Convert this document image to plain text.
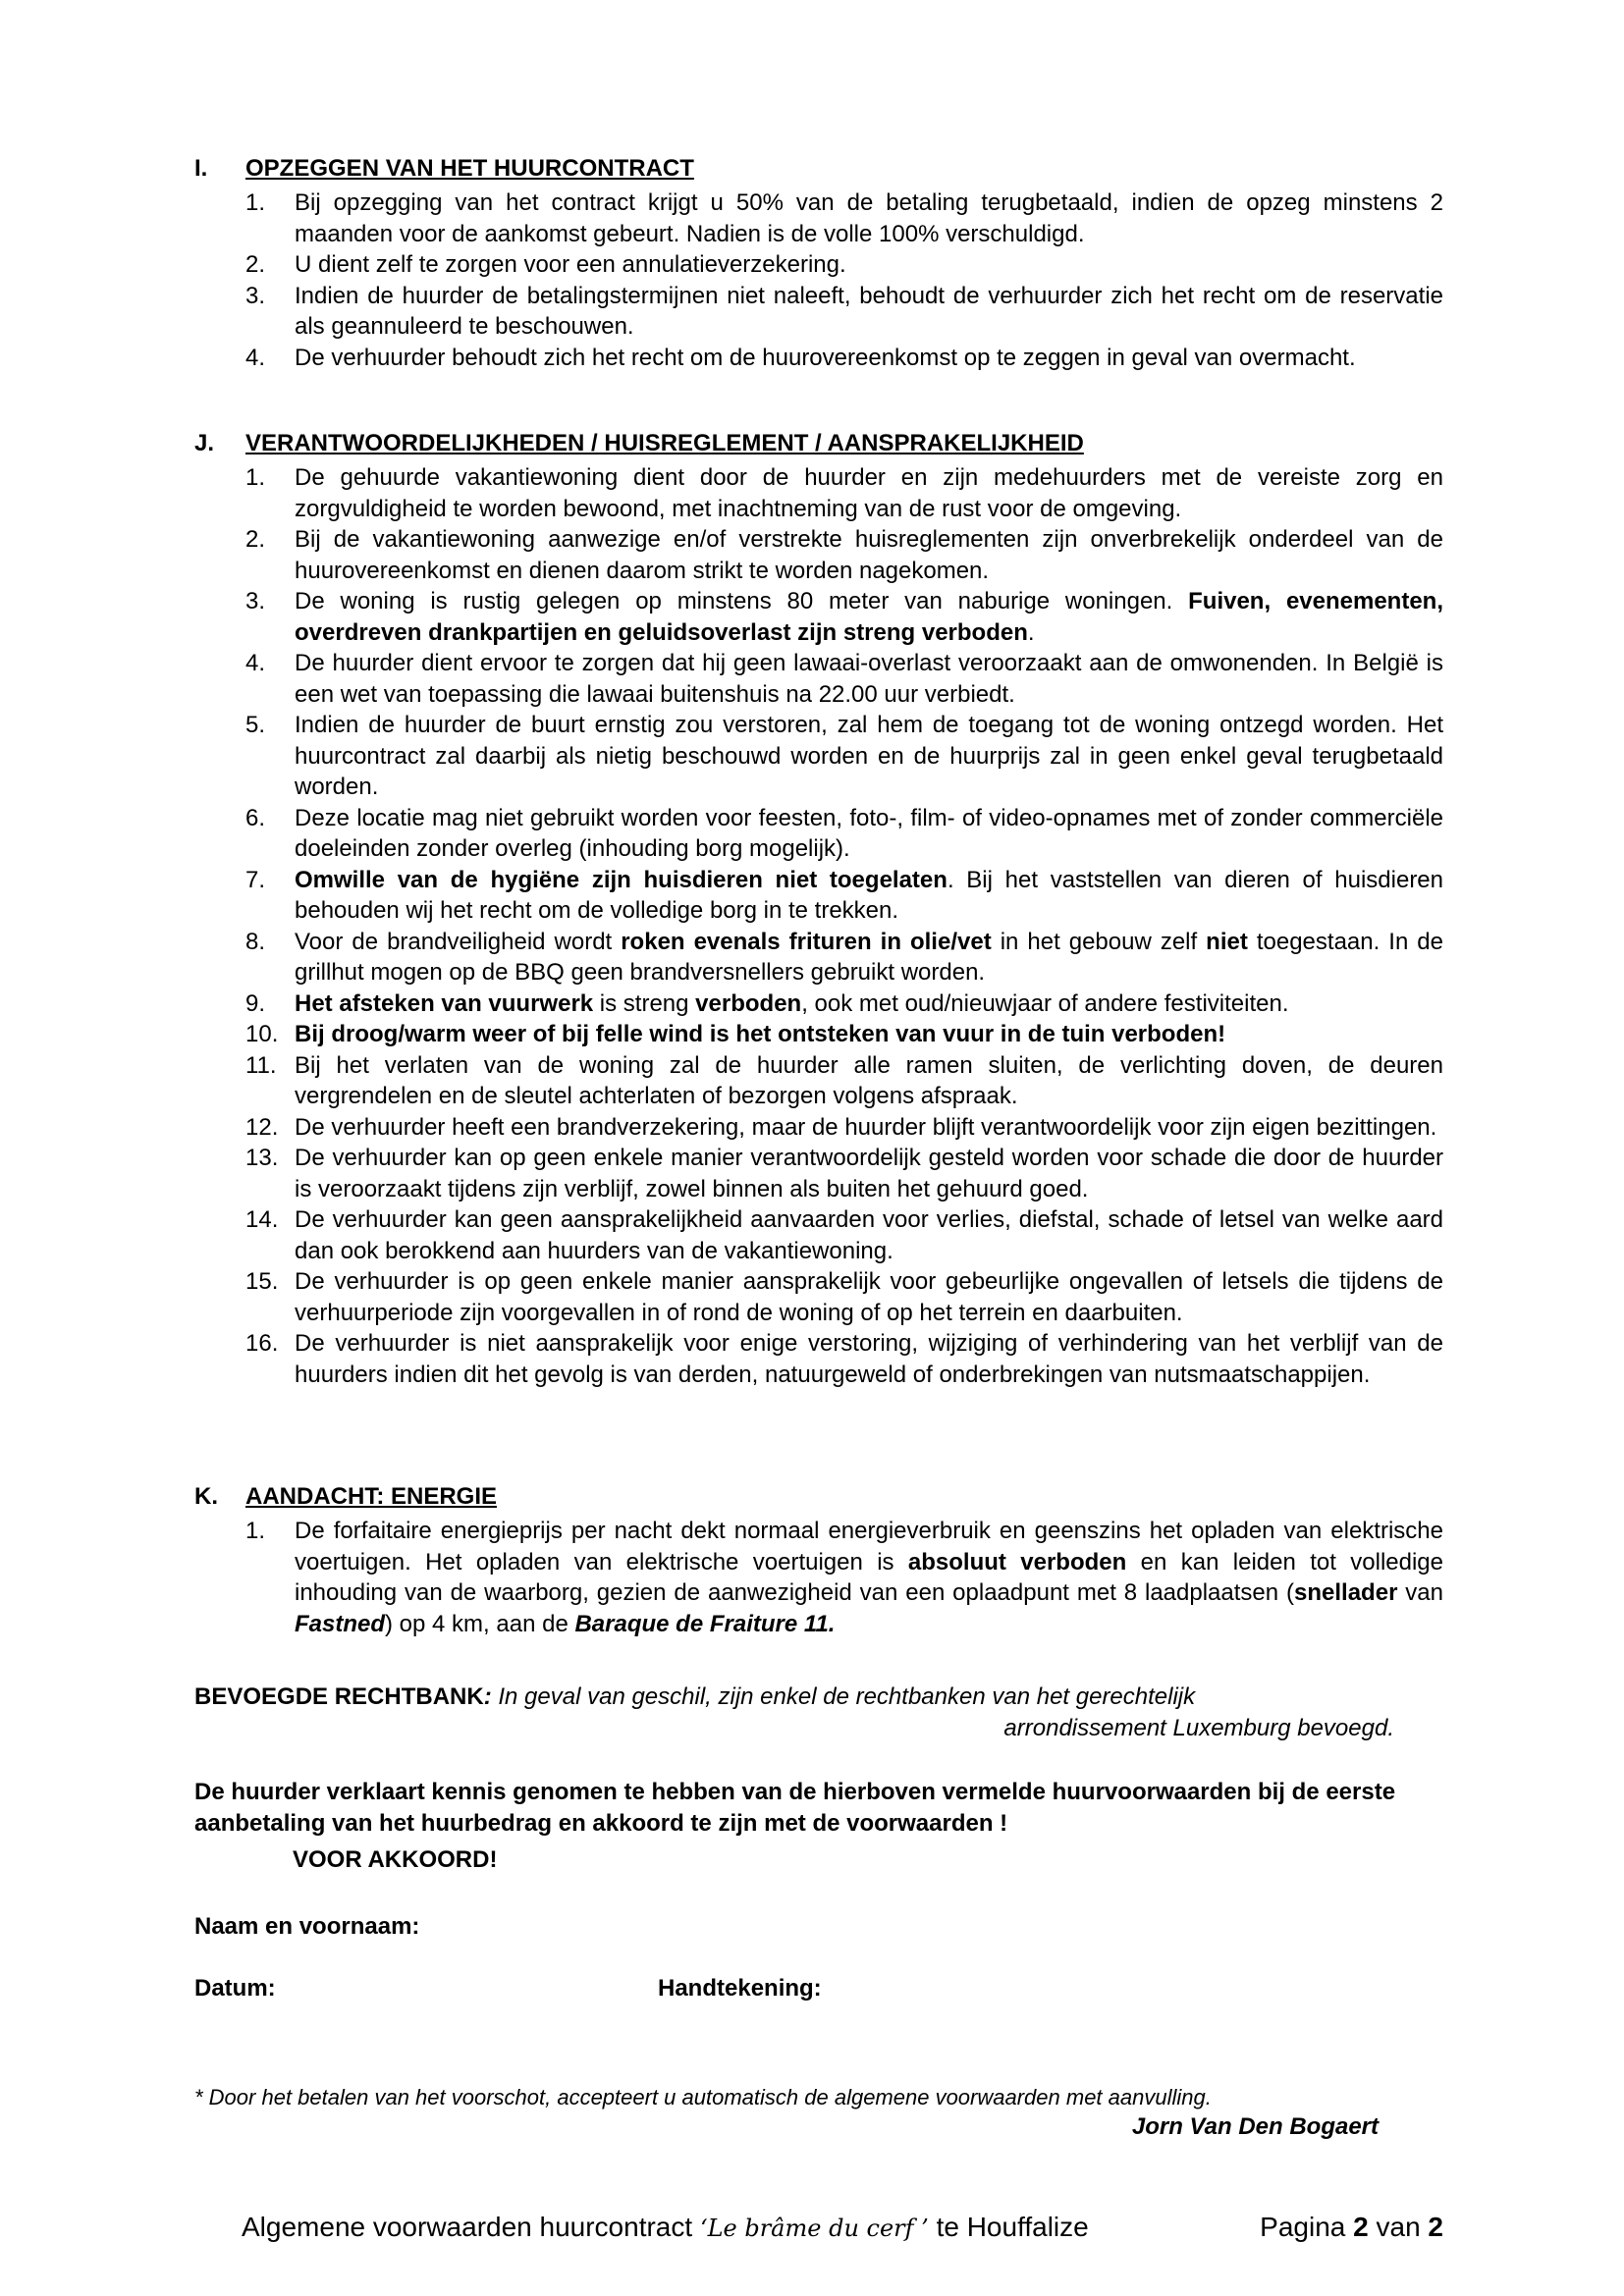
I. OPZEGGEN VAN HET HUURCONTRACT
1. Bij opzegging van het contract krijgt u 50% van de betaling terugbetaald, indien de opzeg minstens 2 maanden voor de aankomst gebeurt. Nadien is de volle 100% verschuldigd.
2. U dient zelf te zorgen voor een annulatieverzekering.
3. Indien de huurder de betalingstermijnen niet naleeft, behoudt de verhuurder zich het recht om de reservatie als geannuleerd te beschouwen.
4. De verhuurder behoudt zich het recht om de huurovereenkomst op te zeggen in geval van overmacht.
J. VERANTWOORDELIJKHEDEN / HUISREGLEMENT / AANSPRAKELIJKHEID
1. De gehuurde vakantiewoning dient door de huurder en zijn medehuurders met de vereiste zorg en zorgvuldigheid te worden bewoond, met inachtneming van de rust voor de omgeving.
2. Bij de vakantiewoning aanwezige en/of verstrekte huisreglementen zijn onverbrekelijk onderdeel van de huurovereenkomst en dienen daarom strikt te worden nagekomen.
3. De woning is rustig gelegen op minstens 80 meter van naburige woningen. Fuiven, evenementen, overdreven drankpartijen en geluidsoverlast zijn streng verboden.
4. De huurder dient ervoor te zorgen dat hij geen lawaai-overlast veroorzaakt aan de omwonenden. In België is een wet van toepassing die lawaai buitenshuis na 22.00 uur verbiedt.
5. Indien de huurder de buurt ernstig zou verstoren, zal hem de toegang tot de woning ontzegd worden. Het huurcontract zal daarbij als nietig beschouwd worden en de huurprijs zal in geen enkel geval terugbetaald worden.
6. Deze locatie mag niet gebruikt worden voor feesten, foto-, film- of video-opnames met of zonder commerciële doeleinden zonder overleg (inhouding borg mogelijk).
7. Omwille van de hygiëne zijn huisdieren niet toegelaten. Bij het vaststellen van dieren of huisdieren behouden wij het recht om de volledige borg in te trekken.
8. Voor de brandveiligheid wordt roken evenals frituren in olie/vet in het gebouw zelf niet toegestaan. In de grillhut mogen op de BBQ geen brandversnellers gebruikt worden.
9. Het afsteken van vuurwerk is streng verboden, ook met oud/nieuwjaar of andere festiviteiten.
10. Bij droog/warm weer of bij felle wind is het ontsteken van vuur in de tuin verboden!
11. Bij het verlaten van de woning zal de huurder alle ramen sluiten, de verlichting doven, de deuren vergrendelen en de sleutel achterlaten of bezorgen volgens afspraak.
12. De verhuurder heeft een brandverzekering, maar de huurder blijft verantwoordelijk voor zijn eigen bezittingen.
13. De verhuurder kan op geen enkele manier verantwoordelijk gesteld worden voor schade die door de huurder is veroorzaakt tijdens zijn verblijf, zowel binnen als buiten het gehuurd goed.
14. De verhuurder kan geen aansprakelijkheid aanvaarden voor verlies, diefstal, schade of letsel van welke aard dan ook berokkend aan huurders van de vakantiewoning.
15. De verhuurder is op geen enkele manier aansprakelijk voor gebeurlijke ongevallen of letsels die tijdens de verhuurperiode zijn voorgevallen in of rond de woning of op het terrein en daarbuiten.
16. De verhuurder is niet aansprakelijk voor enige verstoring, wijziging of verhindering van het verblijf van de huurders indien dit het gevolg is van derden, natuurgeweld of onderbrekingen van nutsmaatschappijen.
K. AANDACHT: ENERGIE
1. De forfaitaire energieprijs per nacht dekt normaal energieverbruik en geenszins het opladen van elektrische voertuigen. Het opladen van elektrische voertuigen is absoluut verboden en kan leiden tot volledige inhouding van de waarborg, gezien de aanwezigheid van een oplaadpunt met 8 laadplaatsen (snellader van Fastned) op 4 km, aan de Baraque de Fraiture 11.
BEVOEGDE RECHTBANK: In geval van geschil, zijn enkel de rechtbanken van het gerechtelijk
arrondissement Luxemburg bevoegd.
De huurder verklaart kennis genomen te hebben van de hierboven vermelde huurvoorwaarden bij de eerste aanbetaling van het huurbedrag en akkoord te zijn met de voorwaarden !
VOOR AKKOORD!
Naam en voornaam:
Datum:	Handtekening:
* Door het betalen van het voorschot, accepteert u automatisch de algemene voorwaarden met aanvulling.
Jorn Van Den Bogaert
Algemene voorwaarden huurcontract ‘Le brâme du cerf ’ te Houffalize	Pagina 2 van 2
